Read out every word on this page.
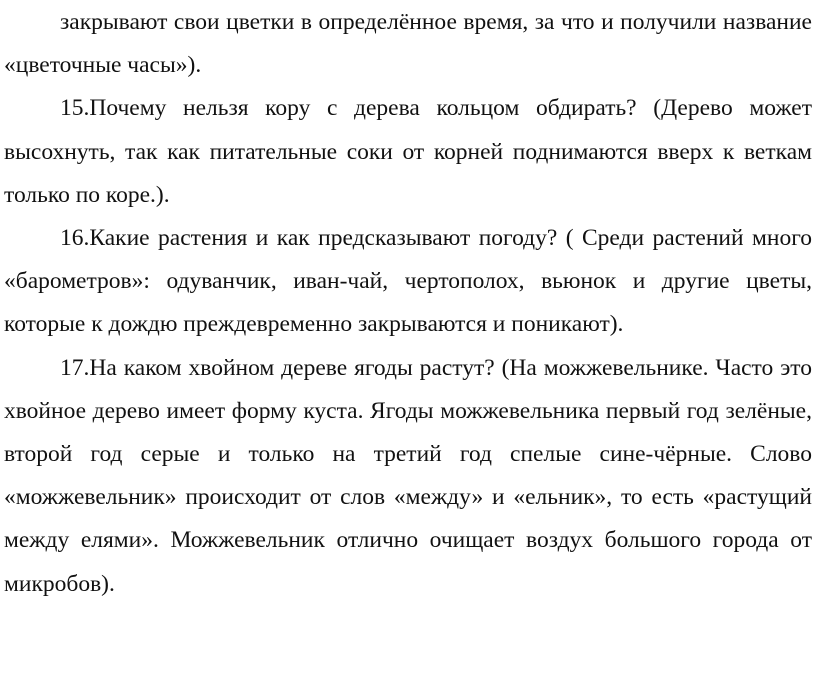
закрывают свои цветки в определённое время, за что и получили название «цветочные часы»).

15.Почему нельзя кору с дерева кольцом обдирать? (Дерево может высохнуть, так как питательные соки от корней поднимаются вверх к веткам только по коре.).

16.Какие растения и как предсказывают погоду? ( Среди растений много «барометров»: одуванчик, иван-чай, чертополох, вьюнок и другие цветы, которые к дождю преждевременно закрываются и поникают).

17.На каком хвойном дереве ягоды растут? (На можжевельнике. Часто это хвойное дерево имеет форму куста. Ягоды можжевельника первый год зелёные, второй год серые и только на третий год спелые сине-чёрные. Слово «можжевельник» происходит от слов «между» и «ельник», то есть «растущий между елями». Можжевельник отлично очищает воздух большого города от микробов).
